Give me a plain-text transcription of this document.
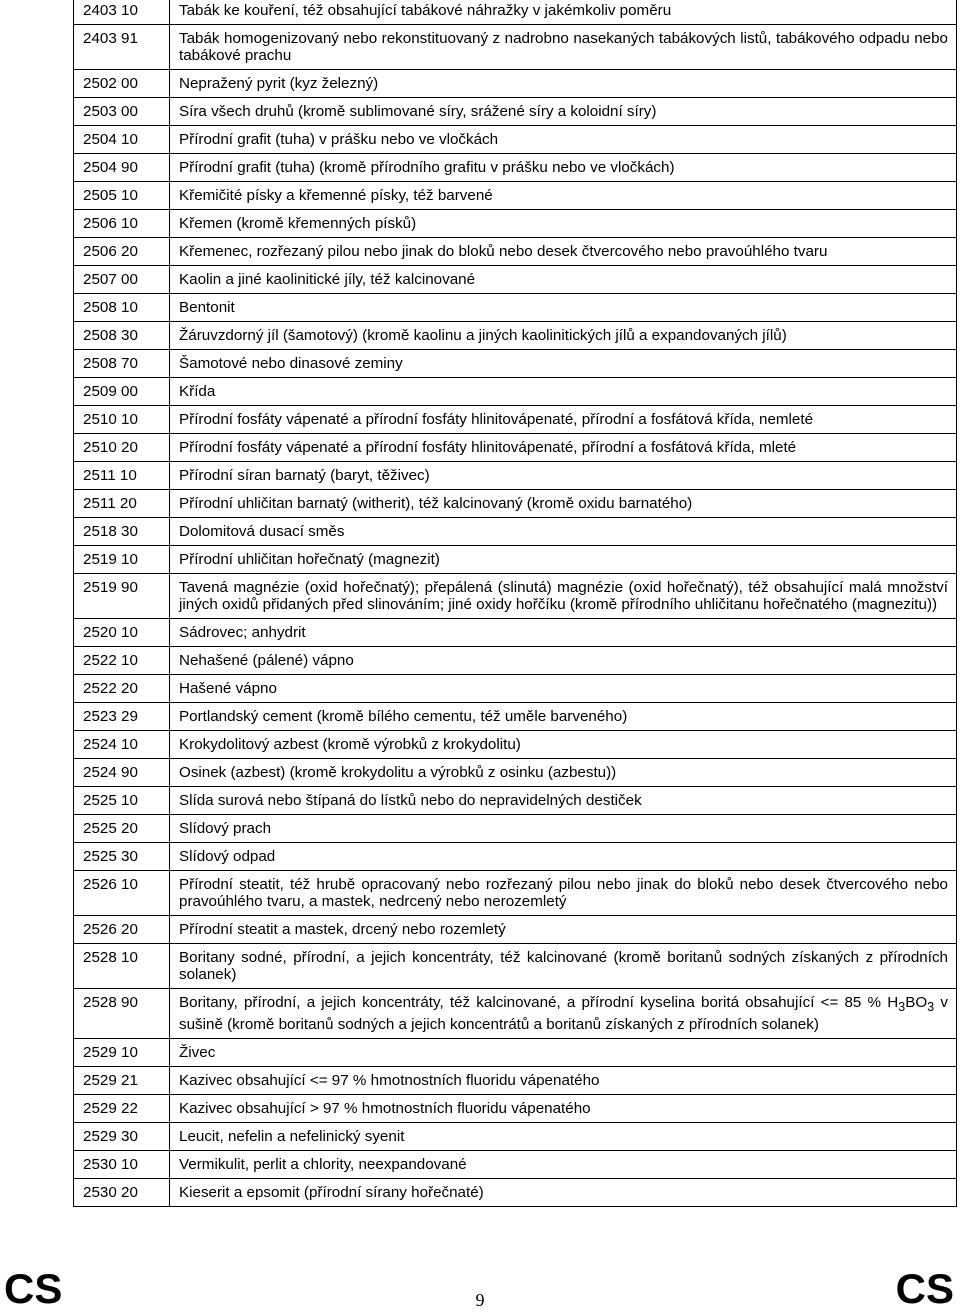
2403 10	Tabák ke kouření, též obsahující tabákové náhražky v jakémkoliv poměru
2403 91	Tabák homogenizovaný nebo rekonstituovaný z nadrobno nasekaných tabákových listů, tabákového odpadu nebo tabákové prachu
2502 00	Nepražený pyrit (kyz železný)
2503 00	Síra všech druhů (kromě sublimované síry, srážené síry a koloidní síry)
2504 10	Přírodní grafit (tuha) v prášku nebo ve vločkách
2504 90	Přírodní grafit (tuha) (kromě přírodního grafitu v prášku nebo ve vločkách)
2505 10	Křemičité písky a křemenné písky, též barvené
2506 10	Křemen (kromě křemenných písků)
2506 20	Křemenec, rozřezaný pilou nebo jinak do bloků nebo desek čtvercového nebo pravoúhlého tvaru
2507 00	Kaolin a jiné kaolinitické jíly, též kalcinované
2508 10	Bentonit
2508 30	Žáruvzdorný jíl (šamotový) (kromě kaolinu a jiných kaolinitických jílů a expandovaných jílů)
2508 70	Šamotové nebo dinasové zeminy
2509 00	Křída
2510 10	Přírodní fosfáty vápenaté a přírodní fosfáty hlinitovápenaté, přírodní a fosfátová křída, nemleté
2510 20	Přírodní fosfáty vápenaté a přírodní fosfáty hlinitovápenaté, přírodní a fosfátová křída, mleté
2511 10	Přírodní síran barnatý (baryt, těživec)
2511 20	Přírodní uhličitan barnatý (witherit), též kalcinovaný (kromě oxidu barnatého)
2518 30	Dolomitová dusací směs
2519 10	Přírodní uhličitan hořečnatý (magnezit)
2519 90	Tavená magnézie (oxid hořečnatý); přepálená (slinutá) magnézie (oxid hořečnatý), též obsahující malá množství jiných oxidů přidaných před slinováním; jiné oxidy hořčíku (kromě přírodního uhličitanu hořečnatého (magnezitu))
2520 10	Sádrovec; anhydrit
2522 10	Nehašené (pálené) vápno
2522 20	Hašené vápno
2523 29	Portlandský cement (kromě bílého cementu, též uměle barveného)
2524 10	Krokydolitový azbest (kromě výrobků z krokydolitu)
2524 90	Osinek (azbest) (kromě krokydolitu a výrobků z osinku (azbestu))
2525 10	Slída surová nebo štípaná do lístků nebo do nepravidelných destiček
2525 20	Slídový prach
2525 30	Slídový odpad
2526 10	Přírodní steatit, též hrubě opracovaný nebo rozřezaný pilou nebo jinak do bloků nebo desek čtvercového nebo pravoúhlého tvaru, a mastek, nedrcený nebo nerozemletý
2526 20	Přírodní steatit a mastek, drcený nebo rozemletý
2528 10	Boritany sodné, přírodní, a jejich koncentráty, též kalcinované (kromě boritanů sodných získaných z přírodních solanek)
2528 90	Boritany, přírodní, a jejich koncentráty, též kalcinované, a přírodní kyselina boritá obsahující <= 85 % $H_3BO_3$ v sušině (kromě boritanů sodných a jejich koncentrátů a boritanů získaných z přírodních solanek)
2529 10	Živec
2529 21	Kazivec obsahující <= 97 % hmotnostních fluoridu vápenatého
2529 22	Kazivec obsahující > 97 % hmotnostních fluoridu vápenatého
2529 30	Leucit, nefelin a nefelinický syenit
2530 10	Vermikulit, perlit a chlority, neexpandované
2530 20	Kieserit a epsomit (přírodní sírany hořečnaté)
CS	9	CS
